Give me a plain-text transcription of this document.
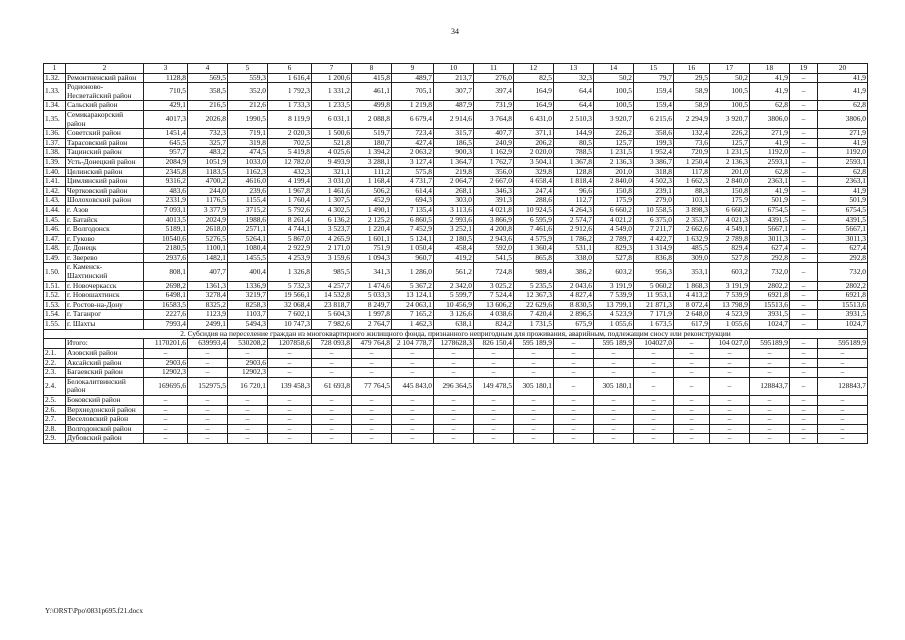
34
1	2	3	4	5	6	7	8	9	10	11	12	13	14	15	16	17	18	19	20
1.32.	Ремонтненский район	1128,8	569,5	559,3	1 616,4	1 200,6	415,8	489,7	213,7	276,0	82,5	32,3	50,2	79,7	29,5	50,2	41,9	–	41,9
1.33.	Родионово-Несветайский район	710,5	358,5	352,0	1 792,3	1 331,2	461,1	705,1	307,7	397,4	164,9	64,4	100,5	159,4	58,9	100,5	41,9	–	41,9
1.34.	Сальский район	429,1	216,5	212,6	1 733,3	1 233,5	499,8	1 219,8	487,9	731,9	164,9	64,4	100,5	159,4	58,9	100,5	62,8	–	62,8
1.35.	Семикаракорский район	4017,3	2026,8	1990,5	8 119,9	6 031,1	2 088,8	6 679,4	2 914,6	3 764,8	6 431,0	2 510,3	3 920,7	6 215,6	2 294,9	3 920,7	3806,0	–	3806,0
1.36.	Советский район	1451,4	732,3	719,1	2 020,3	1 500,6	519,7	723,4	315,7	407,7	371,1	144,9	226,2	358,6	132,4	226,2	271,9	–	271,9
1.37.	Тарасовский район	645,5	325,7	319,8	702,5	521,8	180,7	427,4	186,5	240,9	206,2	80,5	125,7	199,3	73,6	125,7	41,9	–	41,9
1.38.	Тацинский район	957,7	483,2	474,5	5 419,8	4 025,6	1 394,2	2 063,2	900,3	1 162,9	2 020,0	788,5	1 231,5	1 952,4	720,9	1 231,5	1192,0	–	1192,0
1.39.	Усть-Донецкий район	2084,9	1051,9	1033,0	12 782,0	9 493,9	3 288,1	3 127,4	1 364,7	1 762,7	3 504,1	1 367,8	2 136,3	3 386,7	1 250,4	2 136,3	2593,1	–	2593,1
1.40.	Целинский район	2345,8	1183,5	1162,3	432,3	321,1	111,2	575,8	219,8	356,0	329,8	128,8	201,0	318,8	117,8	201,0	62,8	–	62,8
1.41.	Цимлянский район	9316,2	4700,2	4616,0	4 199,4	3 031,0	1 168,4	4 731,7	2 064,7	2 667,0	4 658,4	1 818,4	2 840,0	4 502,3	1 662,3	2 840,0	2363,1	–	2363,1
1.42.	Чертковский район	483,6	244,0	239,6	1 967,8	1 461,6	506,2	614,4	268,1	346,3	247,4	96,6	150,8	239,1	88,3	150,8	41,9	–	41,9
1.43.	Шолоховский район	2331,9	1176,5	1155,4	1 760,4	1 307,5	452,9	694,3	303,0	391,3	288,6	112,7	175,9	279,0	103,1	175,9	501,9	–	501,9
1.44.	г. Азов	7 093,1	3 377,9	3715,2	5 792,6	4 302,5	1 490,1	7 135,4	3 113,6	4 021,8	10 924,5	4 264,3	6 660,2	10 558,5	3 898,3	6 660,2	6754,5	–	6754,5
1.45.	г. Батайск	4013,5	2024,9	1988,6	8 261,4	6 136,2	2 125,2	6 860,5	2 993,6	3 866,9	6 595,9	2 574,7	4 021,2	6 375,0	2 353,7	4 021,3	4391,5	–	4391,5
1.46.	г. Волгодонск	5189,1	2618,0	2571,1	4 744,1	3 523,7	1 220,4	7 452,9	3 252,1	4 200,8	7 461,6	2 912,6	4 549,0	7 211,7	2 662,6	4 549,1	5667,1	–	5667,1
1.47.	г. Гуково	10540,6	5276,5	5264,1	5 867,0	4 265,9	1 601,1	5 124,1	2 180,5	2 943,6	4 575,9	1 786,2	2 789,7	4 422,7	1 632,9	2 789,8	3011,3	–	3011,3
1.48.	г. Донецк	2180,5	1100,1	1080,4	2 922,9	2 171,0	751,9	1 050,4	458,4	592,0	1 360,4	531,1	829,3	1 314,9	485,5	829,4	627,4	–	627,4
1.49.	г. Зверево	2937,6	1482,1	1455,5	4 253,9	3 159,6	1 094,3	960,7	419,2	541,5	865,8	338,0	527,8	836,8	309,0	527,8	292,8	–	292,8
1.50.	г. Каменск-Шахтинский	808,1	407,7	400,4	1 326,8	985,5	341,3	1 286,0	561,2	724,8	989,4	386,2	603,2	956,3	353,1	603,2	732,0	–	732,0
1.51.	г. Новочеркасск	2698,2	1361,3	1336,9	5 732,3	4 257,7	1 474,6	5 367,2	2 342,0	3 025,2	5 235,5	2 043,6	3 191,9	5 060,2	1 868,3	3 191,9	2802,2	–	2802,2
1.52.	г. Новошахтинск	6498,1	3278,4	3219,7	19 566,1	14 532,8	5 033,3	13 124,1	5 599,7	7 524,4	12 367,3	4 827,4	7 539,9	11 953,1	4 413,2	7 539,9	6921,8	–	6921,8
1.53.	г. Ростов-на-Дону	16583,5	8325,2	8258,3	32 068,4	23 818,7	8 249,7	24 063,1	10 456,9	13 606,2	22 629,6	8 830,5	13 799,1	21 871,3	8 072,4	13 798,9	15513,6	–	15513,6
1.54.	г. Таганрог	2227,6	1123,9	1103,7	7 602,1	5 604,3	1 997,8	7 165,2	3 126,6	4 038,6	7 420,4	2 896,5	4 523,9	7 171,9	2 648,0	4 523,9	3931,5	–	3931,5
1.55.	г. Шахты	7993,4	2499,1	5494,3	10 747,3	7 982,6	2 764,7	1 462,3	638,1	824,2	1 731,5	675,9	1 055,6	1 673,5	617,9	1 055,6	1024,7	–	1024,7
2. Субсидия на переселение граждан из многоквартирного жилищного фонда, признанного непригодным для проживания, аварийным, подлежащим сносу или реконструкции																			
	Итого:	1170201,6	639993,4	530208,2	1207858,6	728 093,8	479 764,8	2 104 778,7	1278628,3	826 150,4	595 189,9	–	595 189,9	104027,0	–	104 027,0	595189,9	–	595189,9
2.1.	Азовский район	–	–	–	–	–	–	–	–	–	–	–	–	–	–	–	–	–	–
2.2.	Аксайский район	2903,6	–	2903,6	–	–	–	–	–	–	–	–	–	–	–	–	–	–	–
2.3.	Багаевский район	12902,3	–	12902,3	–	–	–	–	–	–	–	–	–	–	–	–	–	–	–
2.4.	Белокалитвинский район	169695,6	152975,5	16 720,1	139 458,3	61 693,8	77 764,5	445 843,0	296 364,5	149 478,5	305 180,1	–	305 180,1	–	–	–	128843,7	–	128843,7
2.5.	Боковский район	–	–	–	–	–	–	–	–	–	–	–	–	–	–	–	–	–	–
2.6.	Верхнедонской район	–	–	–	–	–	–	–	–	–	–	–	–	–	–	–	–	–	–
2.7.	Веселовский район	–	–	–	–	–	–	–	–	–	–	–	–	–	–	–	–	–	–
2.8.	Волгодонской район	–	–	–	–	–	–	–	–	–	–	–	–	–	–	–	–	–	–
2.9.	Дубовский район	–	–	–	–	–	–	–	–	–	–	–	–	–	–	–	–	–	–
Y:\ORST\Ppo\0831p695.f21.docx
